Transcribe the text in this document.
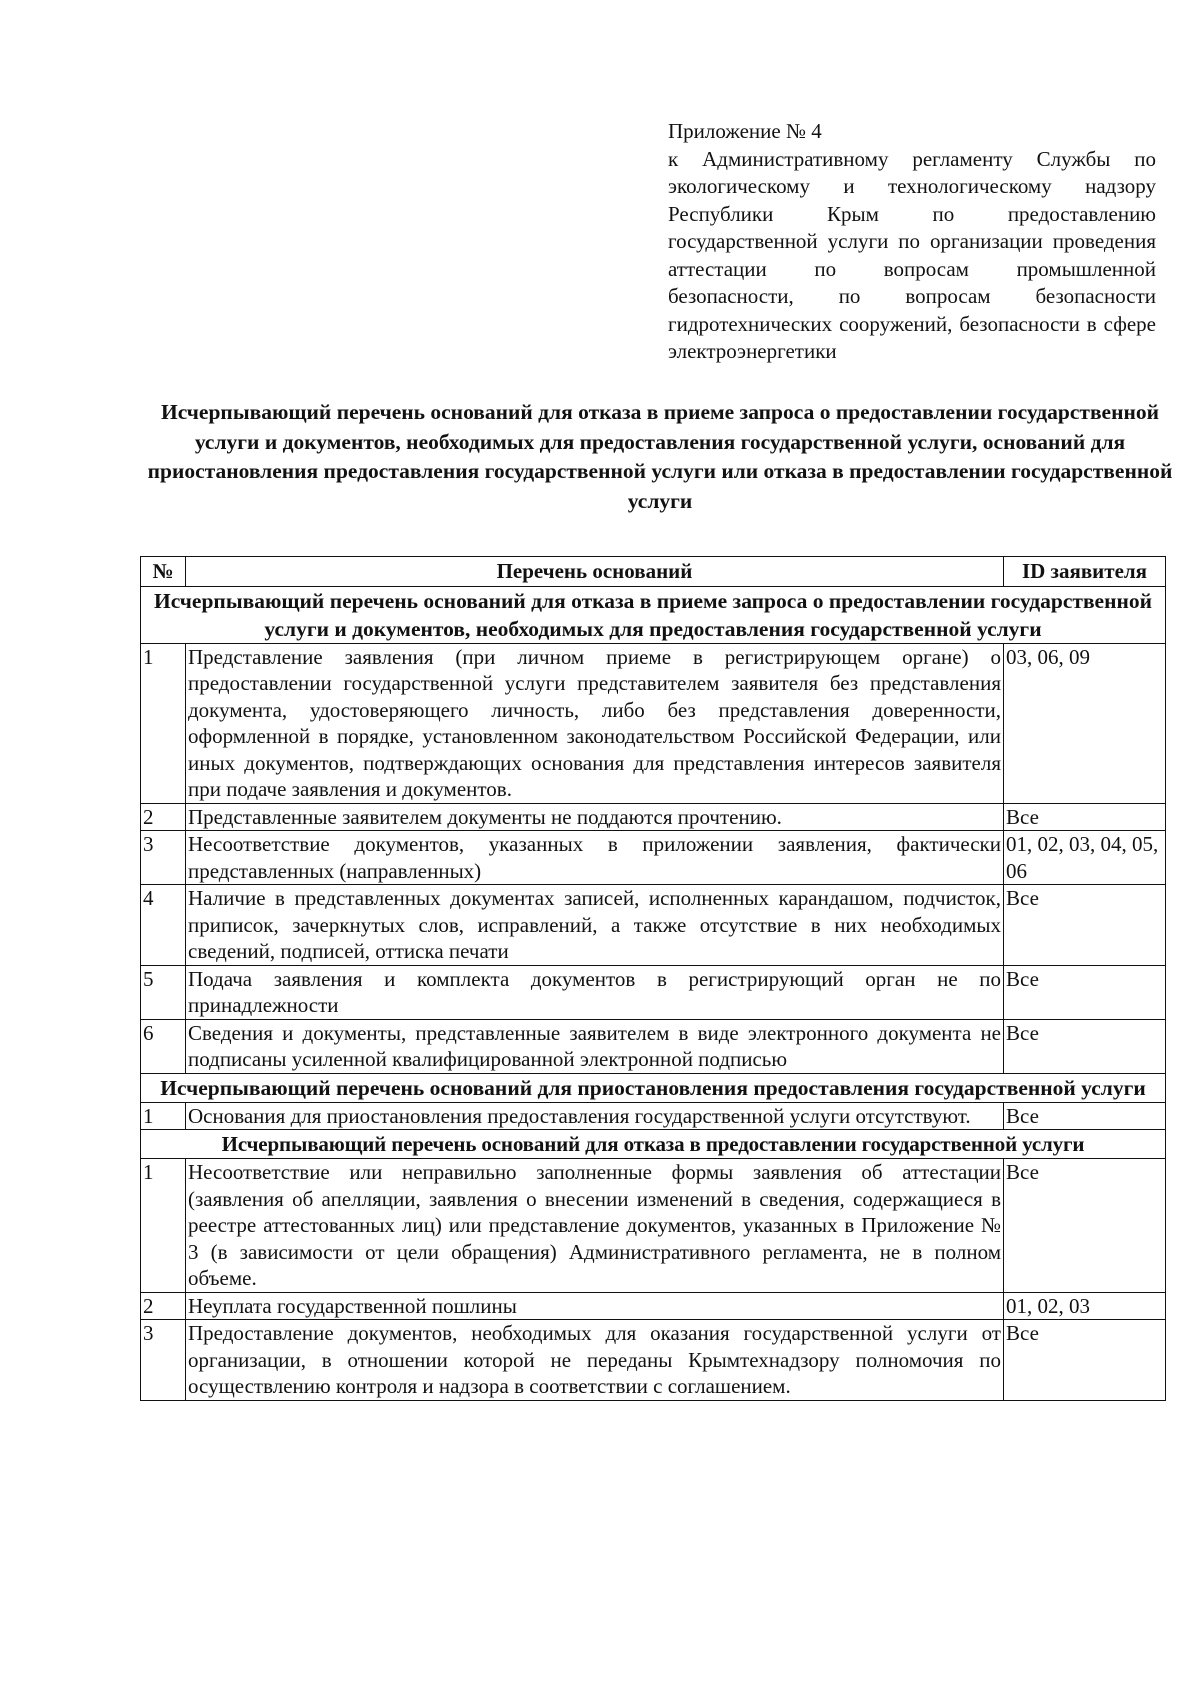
Приложение № 4
к Административному регламенту Службы по экологическому и технологическому надзору Республики Крым по предоставлению государственной услуги по организации проведения аттестации по вопросам промышленной безопасности, по вопросам безопасности гидротехнических сооружений, безопасности в сфере электроэнергетики
Исчерпывающий перечень оснований для отказа в приеме запроса о предоставлении государственной услуги и документов, необходимых для предоставления государственной услуги, оснований для приостановления предоставления государственной услуги или отказа в предоставлении государственной услуги
№	Перечень оснований	ID заявителя
Исчерпывающий перечень оснований для отказа в приеме запроса о предоставлении государственной услуги и документов, необходимых для предоставления государственной услуги		
1	Представление заявления (при личном приеме в регистрирующем органе) о предоставлении государственной услуги представителем заявителя без представления документа, удостоверяющего личность, либо без представления доверенности, оформленной в порядке, установленном законодательством Российской Федерации, или иных документов, подтверждающих основания для представления интересов заявителя при подаче заявления и документов.	03, 06, 09
2	Представленные заявителем документы не поддаются прочтению.	Все
3	Несоответствие документов, указанных в приложении заявления, фактически представленных (направленных)	01, 02, 03, 04, 05, 06
4	Наличие в представленных документах записей, исполненных карандашом, подчисток, приписок, зачеркнутых слов, исправлений, а также отсутствие в них необходимых сведений, подписей, оттиска печати	Все
5	Подача заявления и комплекта документов в регистрирующий орган не по принадлежности	Все
6	Сведения и документы, представленные заявителем в виде электронного документа не подписаны усиленной квалифицированной электронной подписью	Все
Исчерпывающий перечень оснований для приостановления предоставления государственной услуги		
1	Основания для приостановления предоставления государственной услуги отсутствуют.	Все
Исчерпывающий перечень оснований для отказа в предоставлении государственной услуги		
1	Несоответствие или неправильно заполненные формы заявления об аттестации (заявления об апелляции, заявления о внесении изменений в сведения, содержащиеся в реестре аттестованных лиц) или представление документов, указанных в Приложение № 3 (в зависимости от цели обращения) Административного регламента, не в полном объеме.	Все
2	Неуплата государственной пошлины	01, 02, 03
3	Предоставление документов, необходимых для оказания государственной услуги от организации, в отношении которой не переданы Крымтехнадзору полномочия по осуществлению контроля и надзора в соответствии с соглашением.	Все
